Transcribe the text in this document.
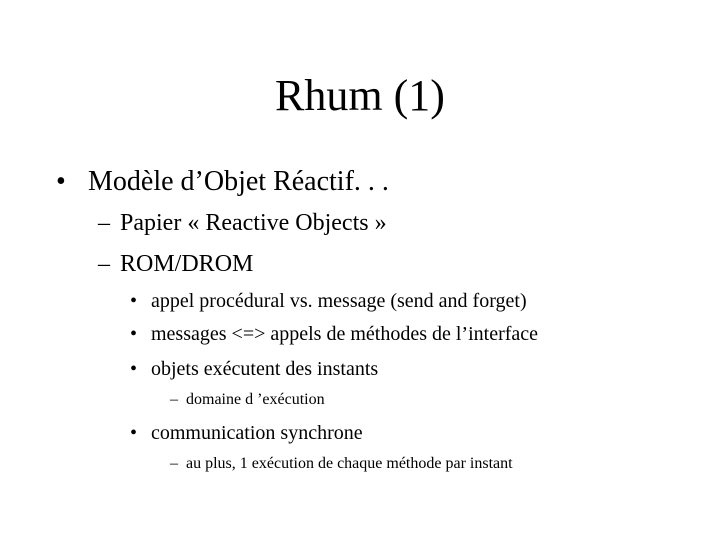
Rhum (1)
• Modèle d’Objet Réactif. . .
– Papier « Reactive Objects »
– ROM/DROM
• appel procédural vs. message (send and forget)
• messages <=> appels de méthodes de l’interface
• objets exécutent des instants
– domaine d ’exécution
• communication synchrone
– au plus, 1 exécution de chaque méthode par instant
